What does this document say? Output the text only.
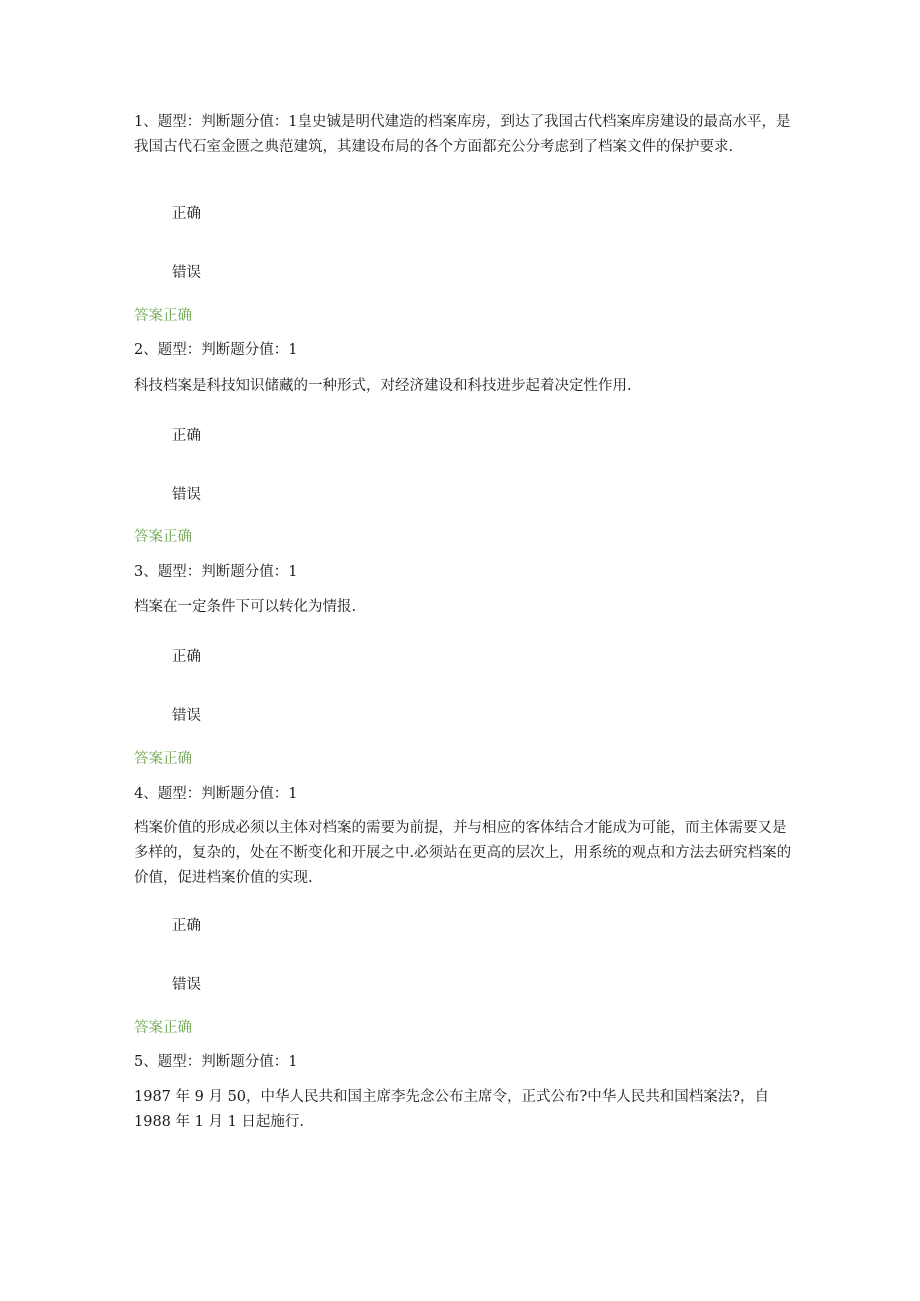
1、题型：判断题分值：1皇史铖是明代建造的档案库房，到达了我国古代档案库房建设的最高水平，是我国古代石室金匮之典范建筑，其建设布局的各个方面都充公分考虑到了档案文件的保护要求.

正确
错误
答案正确
2、题型：判断题分值：1

科技档案是科技知识储藏的一种形式，对经济建设和科技进步起着决定性作用.

正确
错误
答案正确
3、题型：判断题分值：1

档案在一定条件下可以转化为情报.

正确
错误
答案正确
4、题型：判断题分值：1

档案价值的形成必须以主体对档案的需要为前提，并与相应的客体结合才能成为可能，而主体需要又是多样的，复杂的，处在不断变化和开展之中.必须站在更高的层次上，用系统的观点和方法去研究档案的价值，促进档案价值的实现.

正确
错误
答案正确
5、题型：判断题分值：1

1987 年 9 月 50，中华人民共和国主席李先念公布主席令，正式公布?中华人民共和国档案法?，自 1988 年 1 月 1 日起施行.
